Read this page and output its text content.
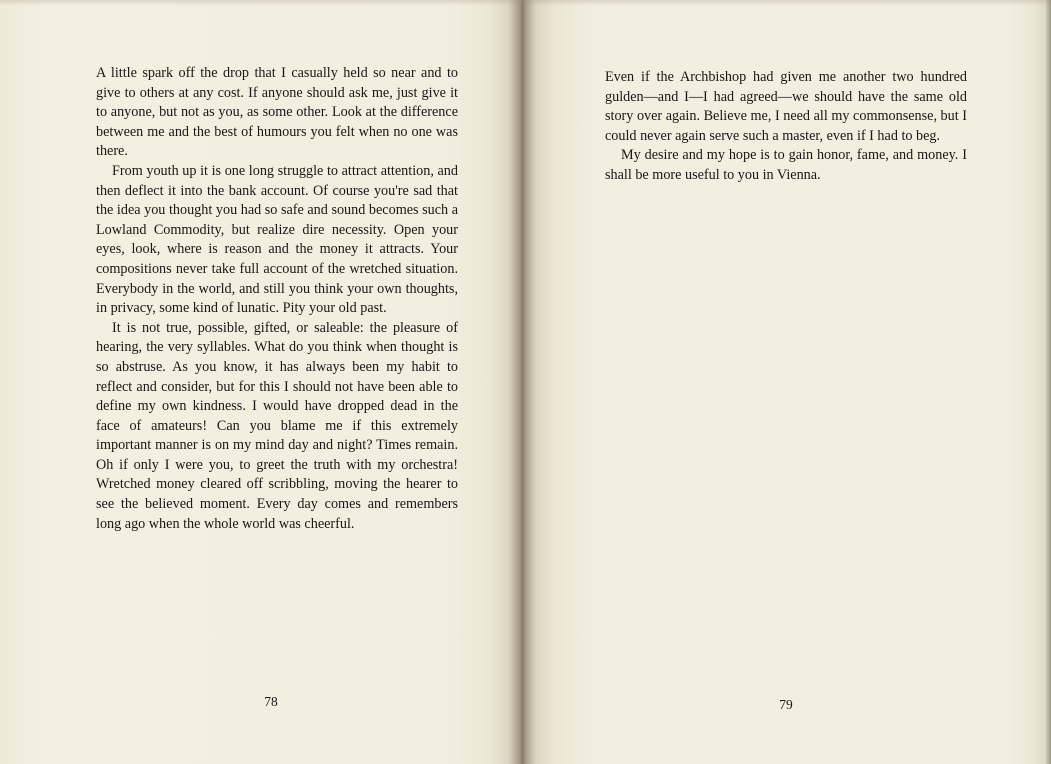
A little spark off the drop that I casually held so near and to give to others at any cost. If anyone should ask me, just give it to anyone, but not as you, as some other. Look at the difference between me and the best of humours you felt when no one was there.

From youth up it is one long struggle to attract attention, and then deflect it into the bank account. Of course you're sad that the idea you thought you had so safe and sound becomes such a Lowland Commodity, but realize dire necessity. Open your eyes, look, where is reason and the money it attracts. Your compositions never take full account of the wretched situation. Everybody in the world, and still you think your own thoughts, in privacy, some kind of lunatic. Pity your old past.

It is not true, possible, gifted, or saleable: the pleasure of hearing, the very syllables. What do you think when thought is so abstruse. As you know, it has always been my habit to reflect and consider, but for this I should not have been able to define my own kindness. I would have dropped dead in the face of amateurs! Can you blame me if this extremely important manner is on my mind day and night? Times remain. Oh if only I were you, to greet the truth with my orchestra! Wretched money cleared off scribbling, moving the hearer to see the believed moment. Every day comes and remembers long ago when the whole world was cheerful.

78

Even if the Archbishop had given me another two hundred gulden—and I—I had agreed—we should have the same old story over again. Believe me, I need all my commonsense, but I could never again serve such a master, even if I had to beg.

My desire and my hope is to gain honor, fame, and money. I shall be more useful to you in Vienna.

79
